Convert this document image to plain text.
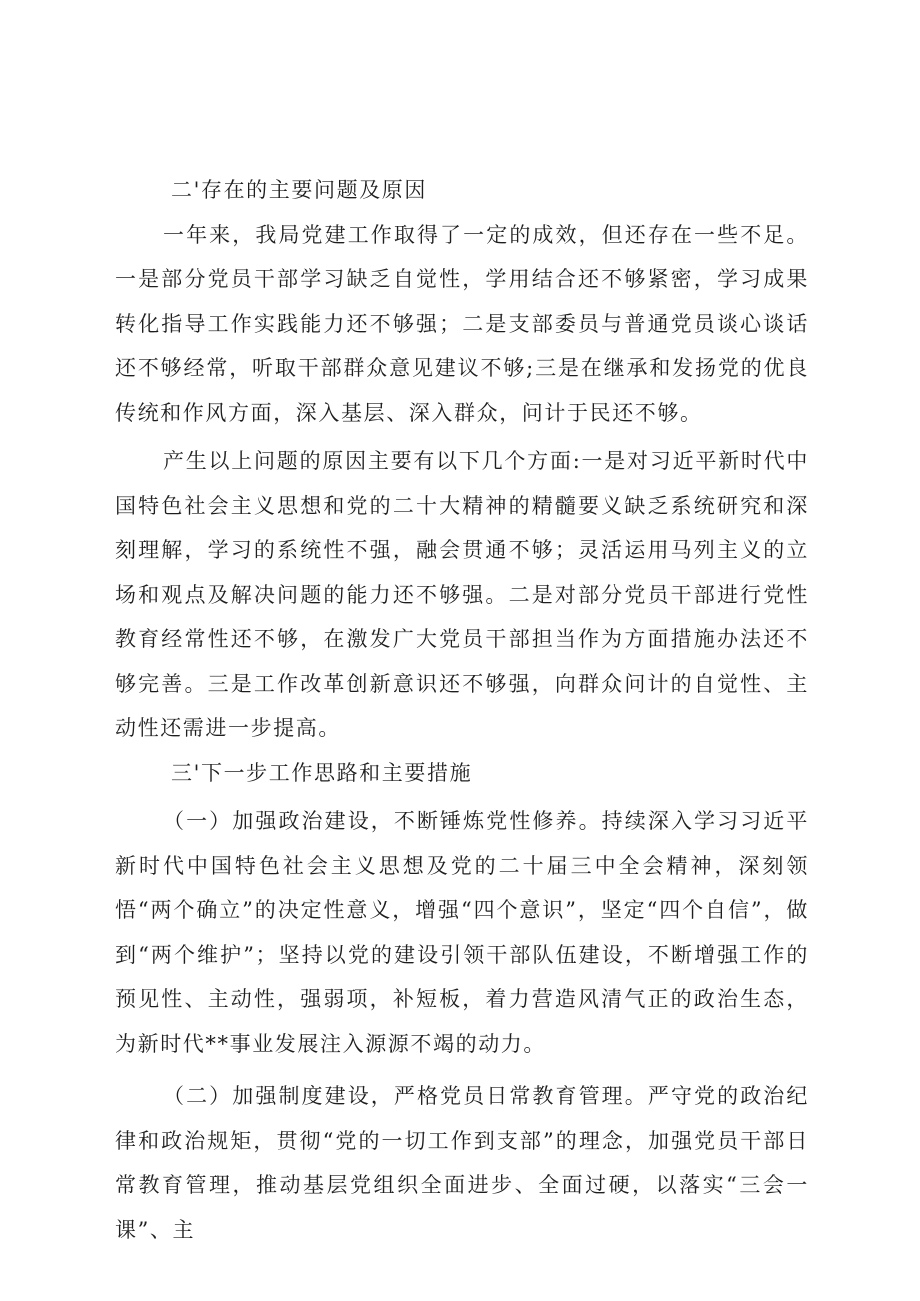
二'存在的主要问题及原因

一年来，我局党建工作取得了一定的成效，但还存在一些不足。一是部分党员干部学习缺乏自觉性，学用结合还不够紧密，学习成果转化指导工作实践能力还不够强；二是支部委员与普通党员谈心谈话还不够经常，听取干部群众意见建议不够;三是在继承和发扬党的优良传统和作风方面，深入基层、深入群众，问计于民还不够。

产生以上问题的原因主要有以下几个方面:一是对习近平新时代中国特色社会主义思想和党的二十大精神的精髓要义缺乏系统研究和深刻理解，学习的系统性不强，融会贯通不够；灵活运用马列主义的立场和观点及解决问题的能力还不够强。二是对部分党员干部进行党性教育经常性还不够，在激发广大党员干部担当作为方面措施办法还不够完善。三是工作改革创新意识还不够强，向群众问计的自觉性、主动性还需进一步提高。

三'下一步工作思路和主要措施

（一）加强政治建设，不断锤炼党性修养。持续深入学习习近平新时代中国特色社会主义思想及党的二十届三中全会精神，深刻领悟“两个确立”的决定性意义，增强“四个意识”，坚定“四个自信”，做到“两个维护”；坚持以党的建设引领干部队伍建设，不断增强工作的预见性、主动性，强弱项，补短板，着力营造风清气正的政治生态，为新时代**事业发展注入源源不竭的动力。

（二）加强制度建设，严格党员日常教育管理。严守党的政治纪律和政治规矩，贯彻“党的一切工作到支部”的理念，加强党员干部日常教育管理，推动基层党组织全面进步、全面过硬，以落实“三会一课”、主
